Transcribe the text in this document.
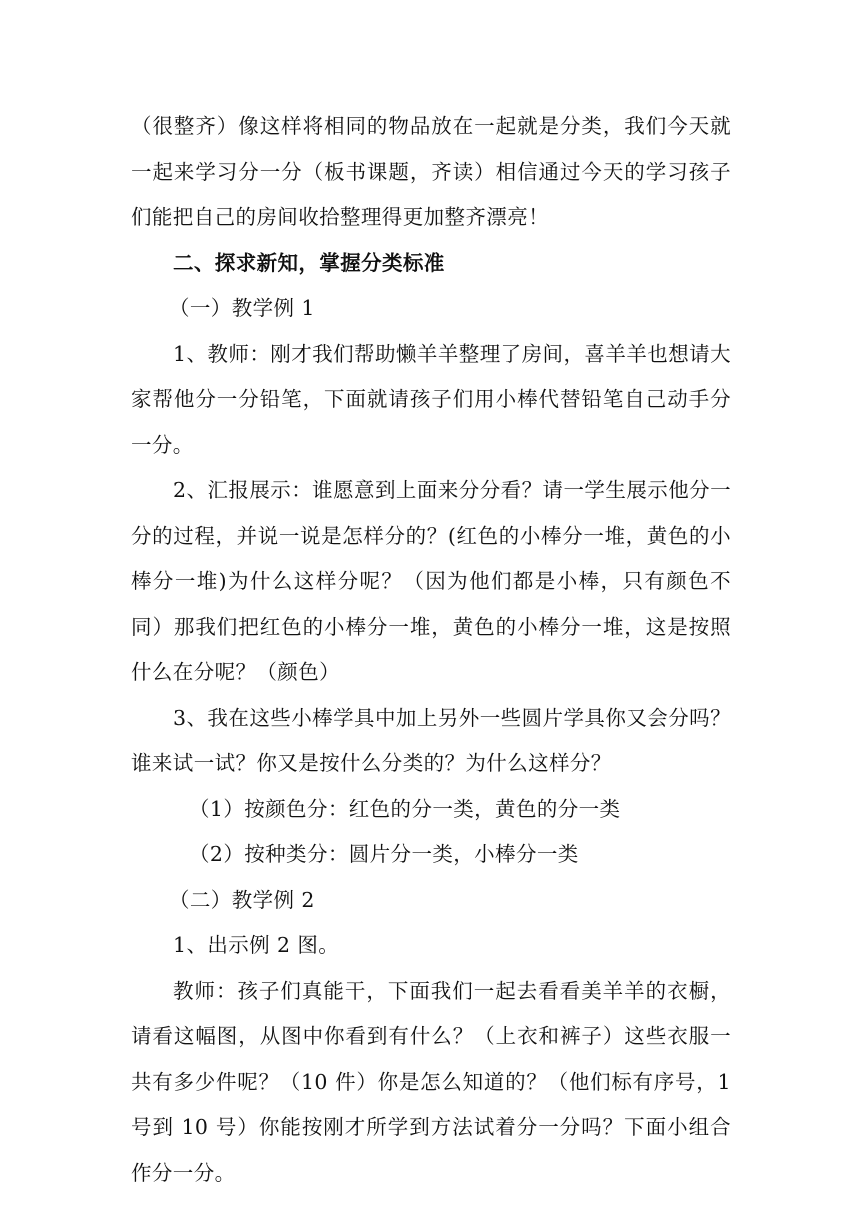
（很整齐）像这样将相同的物品放在一起就是分类，我们今天就一起来学习分一分（板书课题，齐读）相信通过今天的学习孩子们能把自己的房间收拾整理得更加整齐漂亮！

二、探求新知，掌握分类标准

（一）教学例 1

1、教师：刚才我们帮助懒羊羊整理了房间，喜羊羊也想请大家帮他分一分铅笔，下面就请孩子们用小棒代替铅笔自己动手分一分。

2、汇报展示：谁愿意到上面来分分看？请一学生展示他分一分的过程，并说一说是怎样分的？(红色的小棒分一堆，黄色的小棒分一堆)为什么这样分呢？（因为他们都是小棒，只有颜色不同）那我们把红色的小棒分一堆，黄色的小棒分一堆，这是按照什么在分呢？（颜色）

3、我在这些小棒学具中加上另外一些圆片学具你又会分吗？谁来试一试？你又是按什么分类的？为什么这样分？

（1）按颜色分：红色的分一类，黄色的分一类

（2）按种类分：圆片分一类，小棒分一类

（二）教学例 2

1、出示例 2 图。

教师：孩子们真能干，下面我们一起去看看美羊羊的衣橱，请看这幅图，从图中你看到有什么？（上衣和裤子）这些衣服一共有多少件呢？（10 件）你是怎么知道的？（他们标有序号，1 号到 10 号）你能按刚才所学到方法试着分一分吗？下面小组合作分一分。
